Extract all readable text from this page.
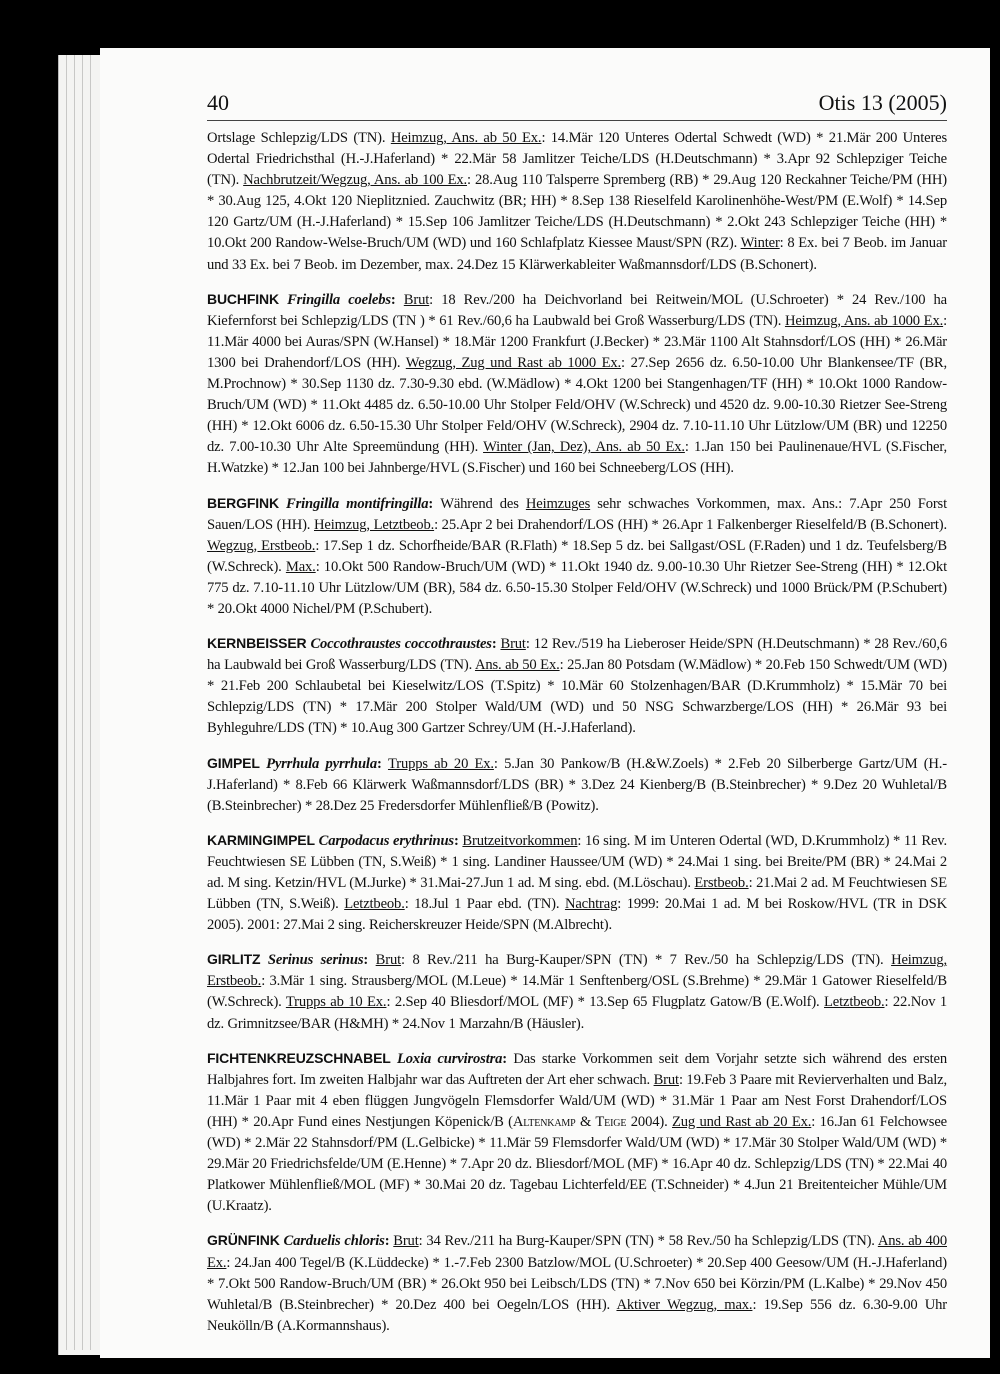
40	Otis 13 (2005)

Ortslage Schlepzig/LDS (TN). Heimzug, Ans. ab 50 Ex.: 14.Mär 120 Unteres Odertal Schwedt (WD) * 21.Mär 200 Unteres Odertal Friedrichsthal (H.-J.Haferland) * 22.Mär 58 Jamlitzer Teiche/LDS (H.Deutschmann) * 3.Apr 92 Schlepziger Teiche (TN). Nachbrutzeit/Wegzug, Ans. ab 100 Ex.: 28.Aug 110 Talsperre Spremberg (RB) * 29.Aug 120 Reckahner Teiche/PM (HH) * 30.Aug 125, 4.Okt 120 Nieplitznied. Zauchwitz (BR; HH) * 8.Sep 138 Rieselfeld Karolinenhöhe-West/PM (E.Wolf) * 14.Sep 120 Gartz/UM (H.-J.Haferland) * 15.Sep 106 Jamlitzer Teiche/LDS (H.Deutschmann) * 2.Okt 243 Schlepziger Teiche (HH) * 10.Okt 200 Randow-Welse-Bruch/UM (WD) und 160 Schlafplatz Kiessee Maust/SPN (RZ). Winter: 8 Ex. bei 7 Beob. im Januar und 33 Ex. bei 7 Beob. im Dezember, max. 24.Dez 15 Klärwerkableiter Waßmannsdorf/LDS (B.Schonert).

BUCHFINK Fringilla coelebs: Brut: 18 Rev./200 ha Deichvorland bei Reitwein/MOL (U.Schroeter) * 24 Rev./100 ha Kiefernforst bei Schlepzig/LDS (TN ) * 61 Rev./60,6 ha Laubwald bei Groß Wasserburg/LDS (TN). Heimzug, Ans. ab 1000 Ex.: 11.Mär 4000 bei Auras/SPN (W.Hansel) * 18.Mär 1200 Frankfurt (J.Becker) * 23.Mär 1100 Alt Stahnsdorf/LOS (HH) * 26.Mär 1300 bei Drahendorf/LOS (HH). Wegzug, Zug und Rast ab 1000 Ex.: 27.Sep 2656 dz. 6.50-10.00 Uhr Blankensee/TF (BR, M.Prochnow) * 30.Sep 1130 dz. 7.30-9.30 ebd. (W.Mädlow) * 4.Okt 1200 bei Stangenhagen/TF (HH) * 10.Okt 1000 Randow-Bruch/UM (WD) * 11.Okt 4485 dz. 6.50-10.00 Uhr Stolper Feld/OHV (W.Schreck) und 4520 dz. 9.00-10.30 Rietzer See-Streng (HH) * 12.Okt 6006 dz. 6.50-15.30 Uhr Stolper Feld/OHV (W.Schreck), 2904 dz. 7.10-11.10 Uhr Lützlow/UM (BR) und 12250 dz. 7.00-10.30 Uhr Alte Spreemündung (HH). Winter (Jan, Dez), Ans. ab 50 Ex.: 1.Jan 150 bei Paulinenaue/HVL (S.Fischer, H.Watzke) * 12.Jan 100 bei Jahnberge/HVL (S.Fischer) und 160 bei Schneeberg/LOS (HH).

BERGFINK Fringilla montifringilla: Während des Heimzuges sehr schwaches Vorkommen, max. Ans.: 7.Apr 250 Forst Sauen/LOS (HH). Heimzug, Letztbeob.: 25.Apr 2 bei Drahendorf/LOS (HH) * 26.Apr 1 Falkenberger Rieselfeld/B (B.Schonert). Wegzug, Erstbeob.: 17.Sep 1 dz. Schorfheide/BAR (R.Flath) * 18.Sep 5 dz. bei Sallgast/OSL (F.Raden) und 1 dz. Teufelsberg/B (W.Schreck). Max.: 10.Okt 500 Randow-Bruch/UM (WD) * 11.Okt 1940 dz. 9.00-10.30 Uhr Rietzer See-Streng (HH) * 12.Okt 775 dz. 7.10-11.10 Uhr Lützlow/UM (BR), 584 dz. 6.50-15.30 Stolper Feld/OHV (W.Schreck) und 1000 Brück/PM (P.Schubert) * 20.Okt 4000 Nichel/PM (P.Schubert).

KERNBEISSER Coccothraustes coccothraustes: Brut: 12 Rev./519 ha Lieberoser Heide/SPN (H.Deutschmann) * 28 Rev./60,6 ha Laubwald bei Groß Wasserburg/LDS (TN). Ans. ab 50 Ex.: 25.Jan 80 Potsdam (W.Mädlow) * 20.Feb 150 Schwedt/UM (WD) * 21.Feb 200 Schlaubetal bei Kieselwitz/LOS (T.Spitz) * 10.Mär 60 Stolzenhagen/BAR (D.Krummholz) * 15.Mär 70 bei Schlepzig/LDS (TN) * 17.Mär 200 Stolper Wald/UM (WD) und 50 NSG Schwarzberge/LOS (HH) * 26.Mär 93 bei Byhleguhre/LDS (TN) * 10.Aug 300 Gartzer Schrey/UM (H.-J.Haferland).

GIMPEL Pyrrhula pyrrhula: Trupps ab 20 Ex.: 5.Jan 30 Pankow/B (H.&W.Zoels) * 2.Feb 20 Silberberge Gartz/UM (H.-J.Haferland) * 8.Feb 66 Klärwerk Waßmannsdorf/LDS (BR) * 3.Dez 24 Kienberg/B (B.Steinbrecher) * 9.Dez 20 Wuhletal/B (B.Steinbrecher) * 28.Dez 25 Fredersdorfer Mühlenfließ/B (Powitz).

KARMINGIMPEL Carpodacus erythrinus: Brutzeitvorkommen: 16 sing. M im Unteren Odertal (WD, D.Krummholz) * 11 Rev. Feuchtwiesen SE Lübben (TN, S.Weiß) * 1 sing. Landiner Haussee/UM (WD) * 24.Mai 1 sing. bei Breite/PM (BR) * 24.Mai 2 ad. M sing. Ketzin/HVL (M.Jurke) * 31.Mai-27.Jun 1 ad. M sing. ebd. (M.Löschau). Erstbeob.: 21.Mai 2 ad. M Feuchtwiesen SE Lübben (TN, S.Weiß). Letztbeob.: 18.Jul 1 Paar ebd. (TN). Nachtrag: 1999: 20.Mai 1 ad. M bei Roskow/HVL (TR in DSK 2005). 2001: 27.Mai 2 sing. Reicherskreuzer Heide/SPN (M.Albrecht).

GIRLITZ Serinus serinus: Brut: 8 Rev./211 ha Burg-Kauper/SPN (TN) * 7 Rev./50 ha Schlepzig/LDS (TN). Heimzug, Erstbeob.: 3.Mär 1 sing. Strausberg/MOL (M.Leue) * 14.Mär 1 Senftenberg/OSL (S.Brehme) * 29.Mär 1 Gatower Rieselfeld/B (W.Schreck). Trupps ab 10 Ex.: 2.Sep 40 Bliesdorf/MOL (MF) * 13.Sep 65 Flugplatz Gatow/B (E.Wolf). Letztbeob.: 22.Nov 1 dz. Grimnitzsee/BAR (H&MH) * 24.Nov 1 Marzahn/B (Häusler).

FICHTENKREUZSCHNABEL Loxia curvirostra: Das starke Vorkommen seit dem Vorjahr setzte sich während des ersten Halbjahres fort. Im zweiten Halbjahr war das Auftreten der Art eher schwach. Brut: 19.Feb 3 Paare mit Revierverhalten und Balz, 11.Mär 1 Paar mit 4 eben flüggen Jungvögeln Flemsdorfer Wald/UM (WD) * 31.Mär 1 Paar am Nest Forst Drahendorf/LOS (HH) * 20.Apr Fund eines Nestjungen Köpenick/B (Altenkamp & Teige 2004). Zug und Rast ab 20 Ex.: 16.Jan 61 Felchowsee (WD) * 2.Mär 22 Stahnsdorf/PM (L.Gelbicke) * 11.Mär 59 Flemsdorfer Wald/UM (WD) * 17.Mär 30 Stolper Wald/UM (WD) * 29.Mär 20 Friedrichsfelde/UM (E.Henne) * 7.Apr 20 dz. Bliesdorf/MOL (MF) * 16.Apr 40 dz. Schlepzig/LDS (TN) * 22.Mai 40 Platkower Mühlenfließ/MOL (MF) * 30.Mai 20 dz. Tagebau Lichterfeld/EE (T.Schneider) * 4.Jun 21 Breitenteicher Mühle/UM (U.Kraatz).

GRÜNFINK Carduelis chloris: Brut: 34 Rev./211 ha Burg-Kauper/SPN (TN) * 58 Rev./50 ha Schlepzig/LDS (TN). Ans. ab 400 Ex.: 24.Jan 400 Tegel/B (K.Lüddecke) * 1.-7.Feb 2300 Batzlow/MOL (U.Schroeter) * 20.Sep 400 Geesow/UM (H.-J.Haferland) * 7.Okt 500 Randow-Bruch/UM (BR) * 26.Okt 950 bei Leibsch/LDS (TN) * 7.Nov 650 bei Körzin/PM (L.Kalbe) * 29.Nov 450 Wuhletal/B (B.Steinbrecher) * 20.Dez 400 bei Oegeln/LOS (HH). Aktiver Wegzug, max.: 19.Sep 556 dz. 6.30-9.00 Uhr Neukölln/B (A.Kormannshaus).
